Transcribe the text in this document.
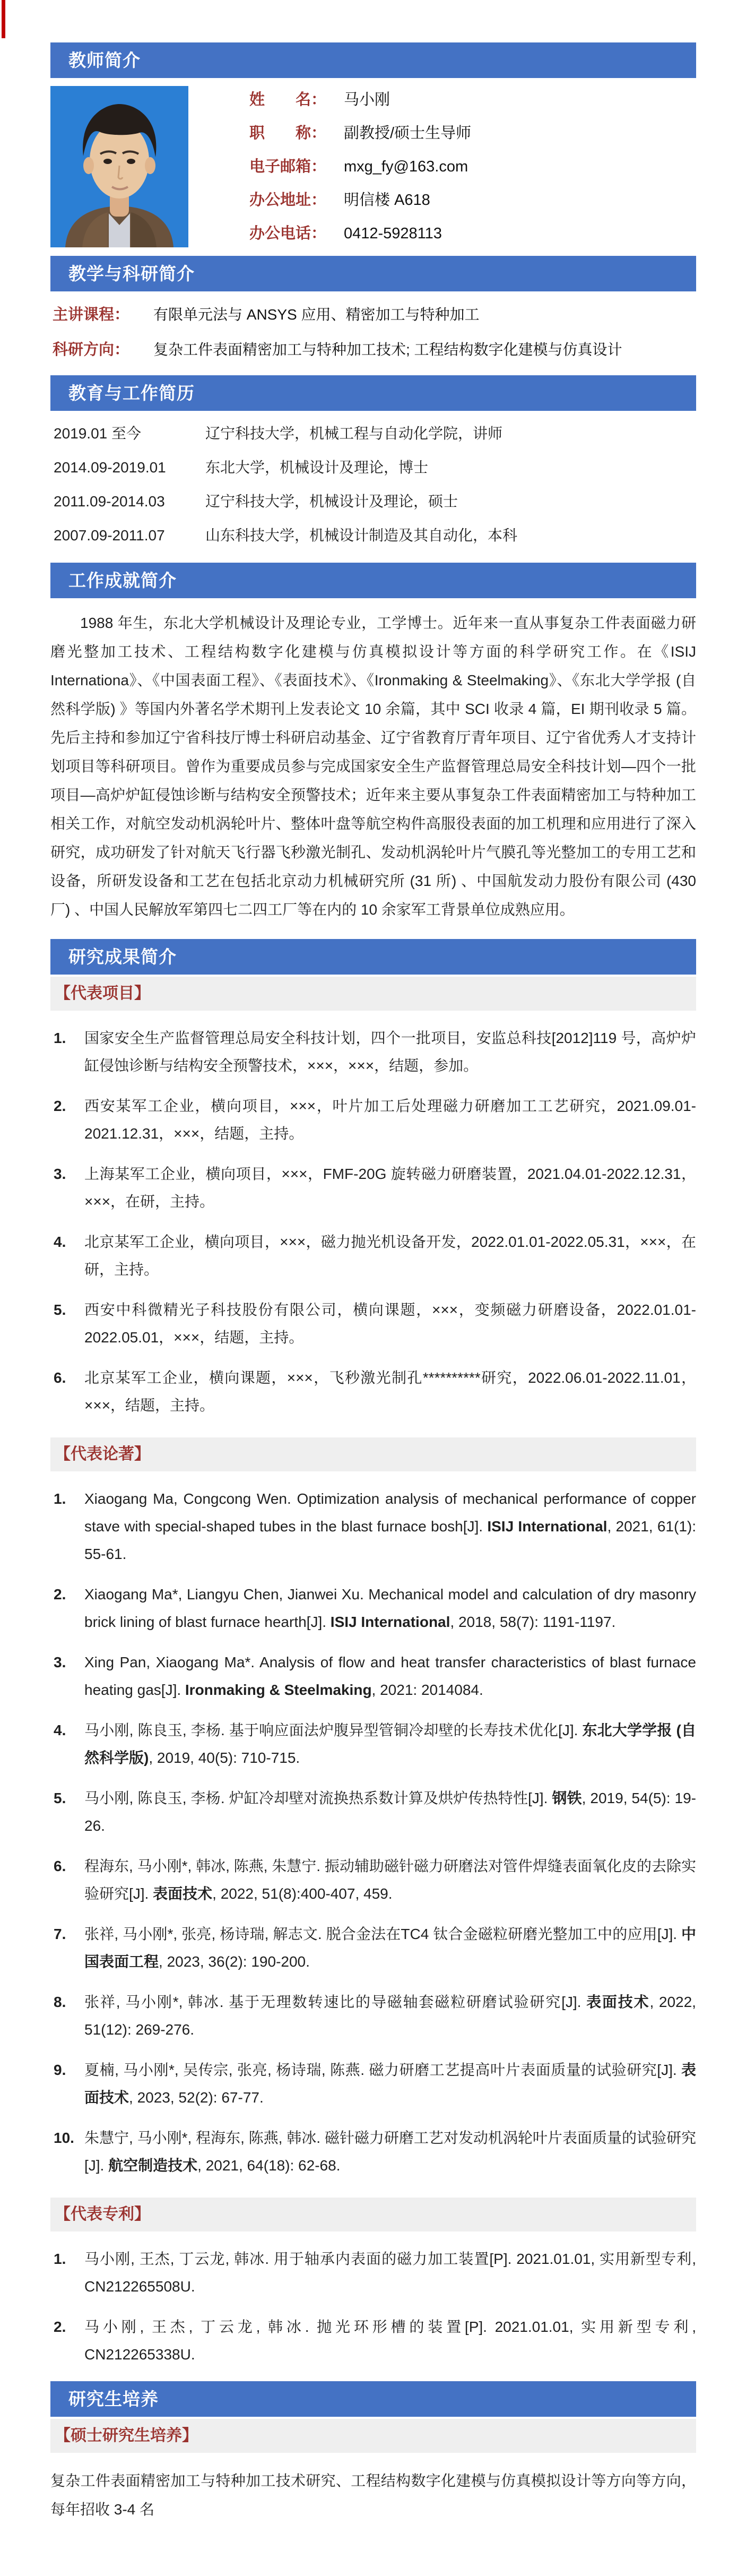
教师简介
姓　　名：	马小刚
职　　称：	副教授/硕士生导师
电子邮箱：	mxg_fy@163.com
办公地址：	明信楼 A618
办公电话：	0412-5928113
教学与科研简介
主讲课程：	有限单元法与 ANSYS 应用、精密加工与特种加工
科研方向：	复杂工件表面精密加工与特种加工技术; 工程结构数字化建模与仿真设计
教育与工作简历
2019.01 至今	辽宁科技大学，机械工程与自动化学院，讲师
2014.09-2019.01	东北大学，机械设计及理论，博士
2011.09-2014.03	辽宁科技大学，机械设计及理论，硕士
2007.09-2011.07	山东科技大学，机械设计制造及其自动化，本科
工作成就简介

1988 年生，东北大学机械设计及理论专业，工学博士。近年来一直从事复杂工件表面磁力研磨光整加工技术、工程结构数字化建模与仿真模拟设计等方面的科学研究工作。在《ISIJ Internationa》、《中国表面工程》、《表面技术》、《Ironmaking & Steelmaking》、《东北大学学报 (自然科学版) 》等国内外著名学术期刊上发表论文 10 余篇，其中 SCI 收录 4 篇，EI 期刊收录 5 篇。先后主持和参加辽宁省科技厅博士科研启动基金、辽宁省教育厅青年项目、辽宁省优秀人才支持计划项目等科研项目。曾作为重要成员参与完成国家安全生产监督管理总局安全科技计划—四个一批项目—高炉炉缸侵蚀诊断与结构安全预警技术；近年来主要从事复杂工件表面精密加工与特种加工相关工作，对航空发动机涡轮叶片、整体叶盘等航空构件高服役表面的加工机理和应用进行了深入研究，成功研发了针对航天飞行器飞秒激光制孔、发动机涡轮叶片气膜孔等光整加工的专用工艺和设备，所研发设备和工艺在包括北京动力机械研究所 (31 所) 、中国航发动力股份有限公司 (430 厂) 、中国人民解放军第四七二四工厂等在内的 10 余家军工背景单位成熟应用。

研究成果简介
【代表项目】
1.	国家安全生产监督管理总局安全科技计划，四个一批项目，安监总科技[2012]119 号，高炉炉缸侵蚀诊断与结构安全预警技术，×××，×××，结题，参加。
2.	西安某军工企业，横向项目，×××，叶片加工后处理磁力研磨加工工艺研究，2021.09.01-2021.12.31，×××，结题，主持。
3.	上海某军工企业，横向项目，×××，FMF-20G 旋转磁力研磨装置，2021.04.01-2022.12.31，×××，在研，主持。
4.	北京某军工企业，横向项目，×××，磁力抛光机设备开发，2022.01.01-2022.05.31，×××，在研，主持。
5.	西安中科微精光子科技股份有限公司，横向课题，×××，变频磁力研磨设备，2022.01.01-2022.05.01，×××，结题，主持。
6.	北京某军工企业，横向课题，×××，飞秒激光制孔**********研究，2022.06.01-2022.11.01，×××，结题，主持。
【代表论著】
1.	Xiaogang Ma, Congcong Wen. Optimization analysis of mechanical performance of copper stave with special-shaped tubes in the blast furnace bosh[J]. ISIJ International, 2021, 61(1): 55-61.
2.	Xiaogang Ma*, Liangyu Chen, Jianwei Xu. Mechanical model and calculation of dry masonry brick lining of blast furnace hearth[J]. ISIJ International, 2018, 58(7): 1191-1197.
3.	Xing Pan, Xiaogang Ma*. Analysis of flow and heat transfer characteristics of blast furnace heating gas[J]. Ironmaking & Steelmaking, 2021: 2014084.
4.	马小刚, 陈良玉, 李杨. 基于响应面法炉腹异型管铜冷却壁的长寿技术优化[J]. 东北大学学报 (自然科学版), 2019, 40(5): 710-715.
5.	马小刚, 陈良玉, 李杨. 炉缸冷却壁对流换热系数计算及烘炉传热特性[J]. 钢铁, 2019, 54(5): 19-26.
6.	程海东, 马小刚*, 韩冰, 陈燕, 朱慧宁. 振动辅助磁针磁力研磨法对管件焊缝表面氧化皮的去除实验研究[J]. 表面技术, 2022, 51(8):400-407, 459.
7.	张祥, 马小刚*, 张亮, 杨诗瑞, 解志文. 脱合金法在TC4 钛合金磁粒研磨光整加工中的应用[J]. 中国表面工程, 2023, 36(2): 190-200.
8.	张祥, 马小刚*, 韩冰. 基于无理数转速比的导磁轴套磁粒研磨试验研究[J]. 表面技术, 2022, 51(12): 269-276.
9.	夏楠, 马小刚*, 吴传宗, 张亮, 杨诗瑞, 陈燕. 磁力研磨工艺提高叶片表面质量的试验研究[J]. 表面技术, 2023, 52(2): 67-77.
10. 朱慧宁, 马小刚*, 程海东, 陈燕, 韩冰. 磁针磁力研磨工艺对发动机涡轮叶片表面质量的试验研究[J]. 航空制造技术, 2021, 64(18): 62-68.
【代表专利】
1.	马小刚, 王杰, 丁云龙, 韩冰. 用于轴承内表面的磁力加工装置[P]. 2021.01.01, 实用新型专利, CN212265508U.
2.	马小刚, 王杰, 丁云龙, 韩冰. 抛光环形槽的装置[P]. 2021.01.01, 实用新型专利, CN212265338U.
研究生培养
【硕士研究生培养】

复杂工件表面精密加工与特种加工技术研究、工程结构数字化建模与仿真模拟设计等方向等方向，每年招收 3-4 名
